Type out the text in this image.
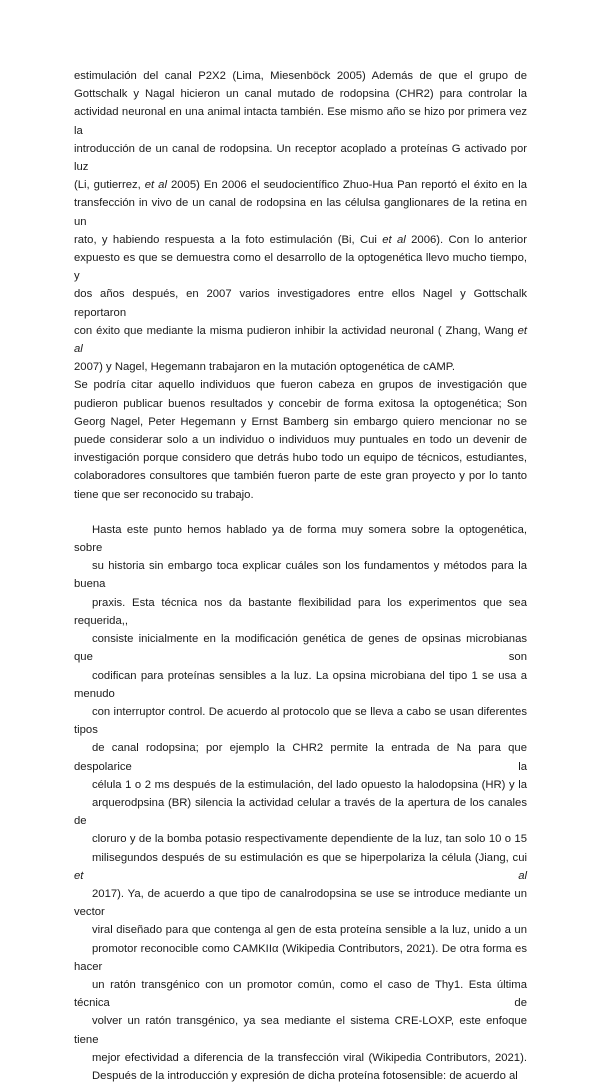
estimulación del canal P2X2 (Lima, Miesenböck 2005) Además de que el grupo de
Gottschalk y Nagal hicieron un canal mutado de rodopsina (CHR2) para controlar la
actividad neuronal en una animal intacta también. Ese mismo año se hizo por primera vez la
introducción de un canal de rodopsina. Un receptor acoplado a proteínas G activado por luz
(Li, gutierrez, et al 2005) En 2006 el seudocientífico Zhuo-Hua Pan reportó el éxito en la
transfección in vivo de un canal de rodopsina en las célulsa ganglionares de la retina en un
rato, y habiendo respuesta a la foto estimulación (Bi, Cui et al 2006). Con lo anterior
expuesto es que se demuestra como el desarrollo de la optogenética llevo mucho tiempo, y
dos años después, en 2007 varios investigadores entre ellos Nagel y Gottschalk reportaron
con éxito que mediante la misma pudieron inhibir la actividad neuronal ( Zhang, Wang et al
2007) y Nagel, Hegemann trabajaron en la mutación optogenética de cAMP.

Se podría citar aquello individuos que fueron cabeza en grupos de investigación que
pudieron publicar buenos resultados y concebir de forma exitosa la optogenética; Son
Georg Nagel, Peter Hegemann y Ernst Bamberg sin embargo quiero mencionar no se
puede considerar solo a un individuo o individuos muy puntuales en todo un devenir de
investigación porque considero que detrás hubo todo un equipo de técnicos, estudiantes,
colaboradores consultores que también fueron parte de este gran proyecto y por lo tanto
tiene que ser reconocido su trabajo.

Hasta este punto hemos hablado ya de forma muy somera sobre la optogenética, sobre
su historia sin embargo toca explicar cuáles son los fundamentos y métodos para la buena
praxis. Esta técnica nos da bastante flexibilidad para los experimentos que sea requerida,,
consiste inicialmente en la modificación genética de genes de opsinas microbianas que son
codifican para proteínas sensibles a la luz. La opsina microbiana del tipo 1 se usa a menudo
con interruptor control. De acuerdo al protocolo que se lleva a cabo se usan diferentes tipos
de canal rodopsina; por ejemplo la CHR2 permite la entrada de Na para que despolarice la
célula 1 o 2 ms después de la estimulación, del lado opuesto la halodopsina (HR) y la
arquerodpsina (BR) silencia la actividad celular a través de la apertura de los canales de
cloruro y de la bomba potasio respectivamente dependiente de la luz, tan solo 10 o 15
milisegundos después de su estimulación es que se hiperpolariza la célula (Jiang, cui et al
2017). Ya, de acuerdo a que tipo de canalrodopsina se use se introduce mediante un vector
viral diseñado para que contenga al gen de esta proteína sensible a la luz, unido a un
promotor reconocible como CAMKIIα (Wikipedia Contributors, 2021). De otra forma es hacer
un ratón transgénico con un promotor común, como el caso de Thy1. Esta última técnica de
volver un ratón transgénico, ya sea mediante el sistema CRE-LOXP, este enfoque tiene
mejor efectividad a diferencia de la transfección viral (Wikipedia Contributors, 2021).
Después de la introducción y expresión de dicha proteína fotosensible: de acuerdo al
